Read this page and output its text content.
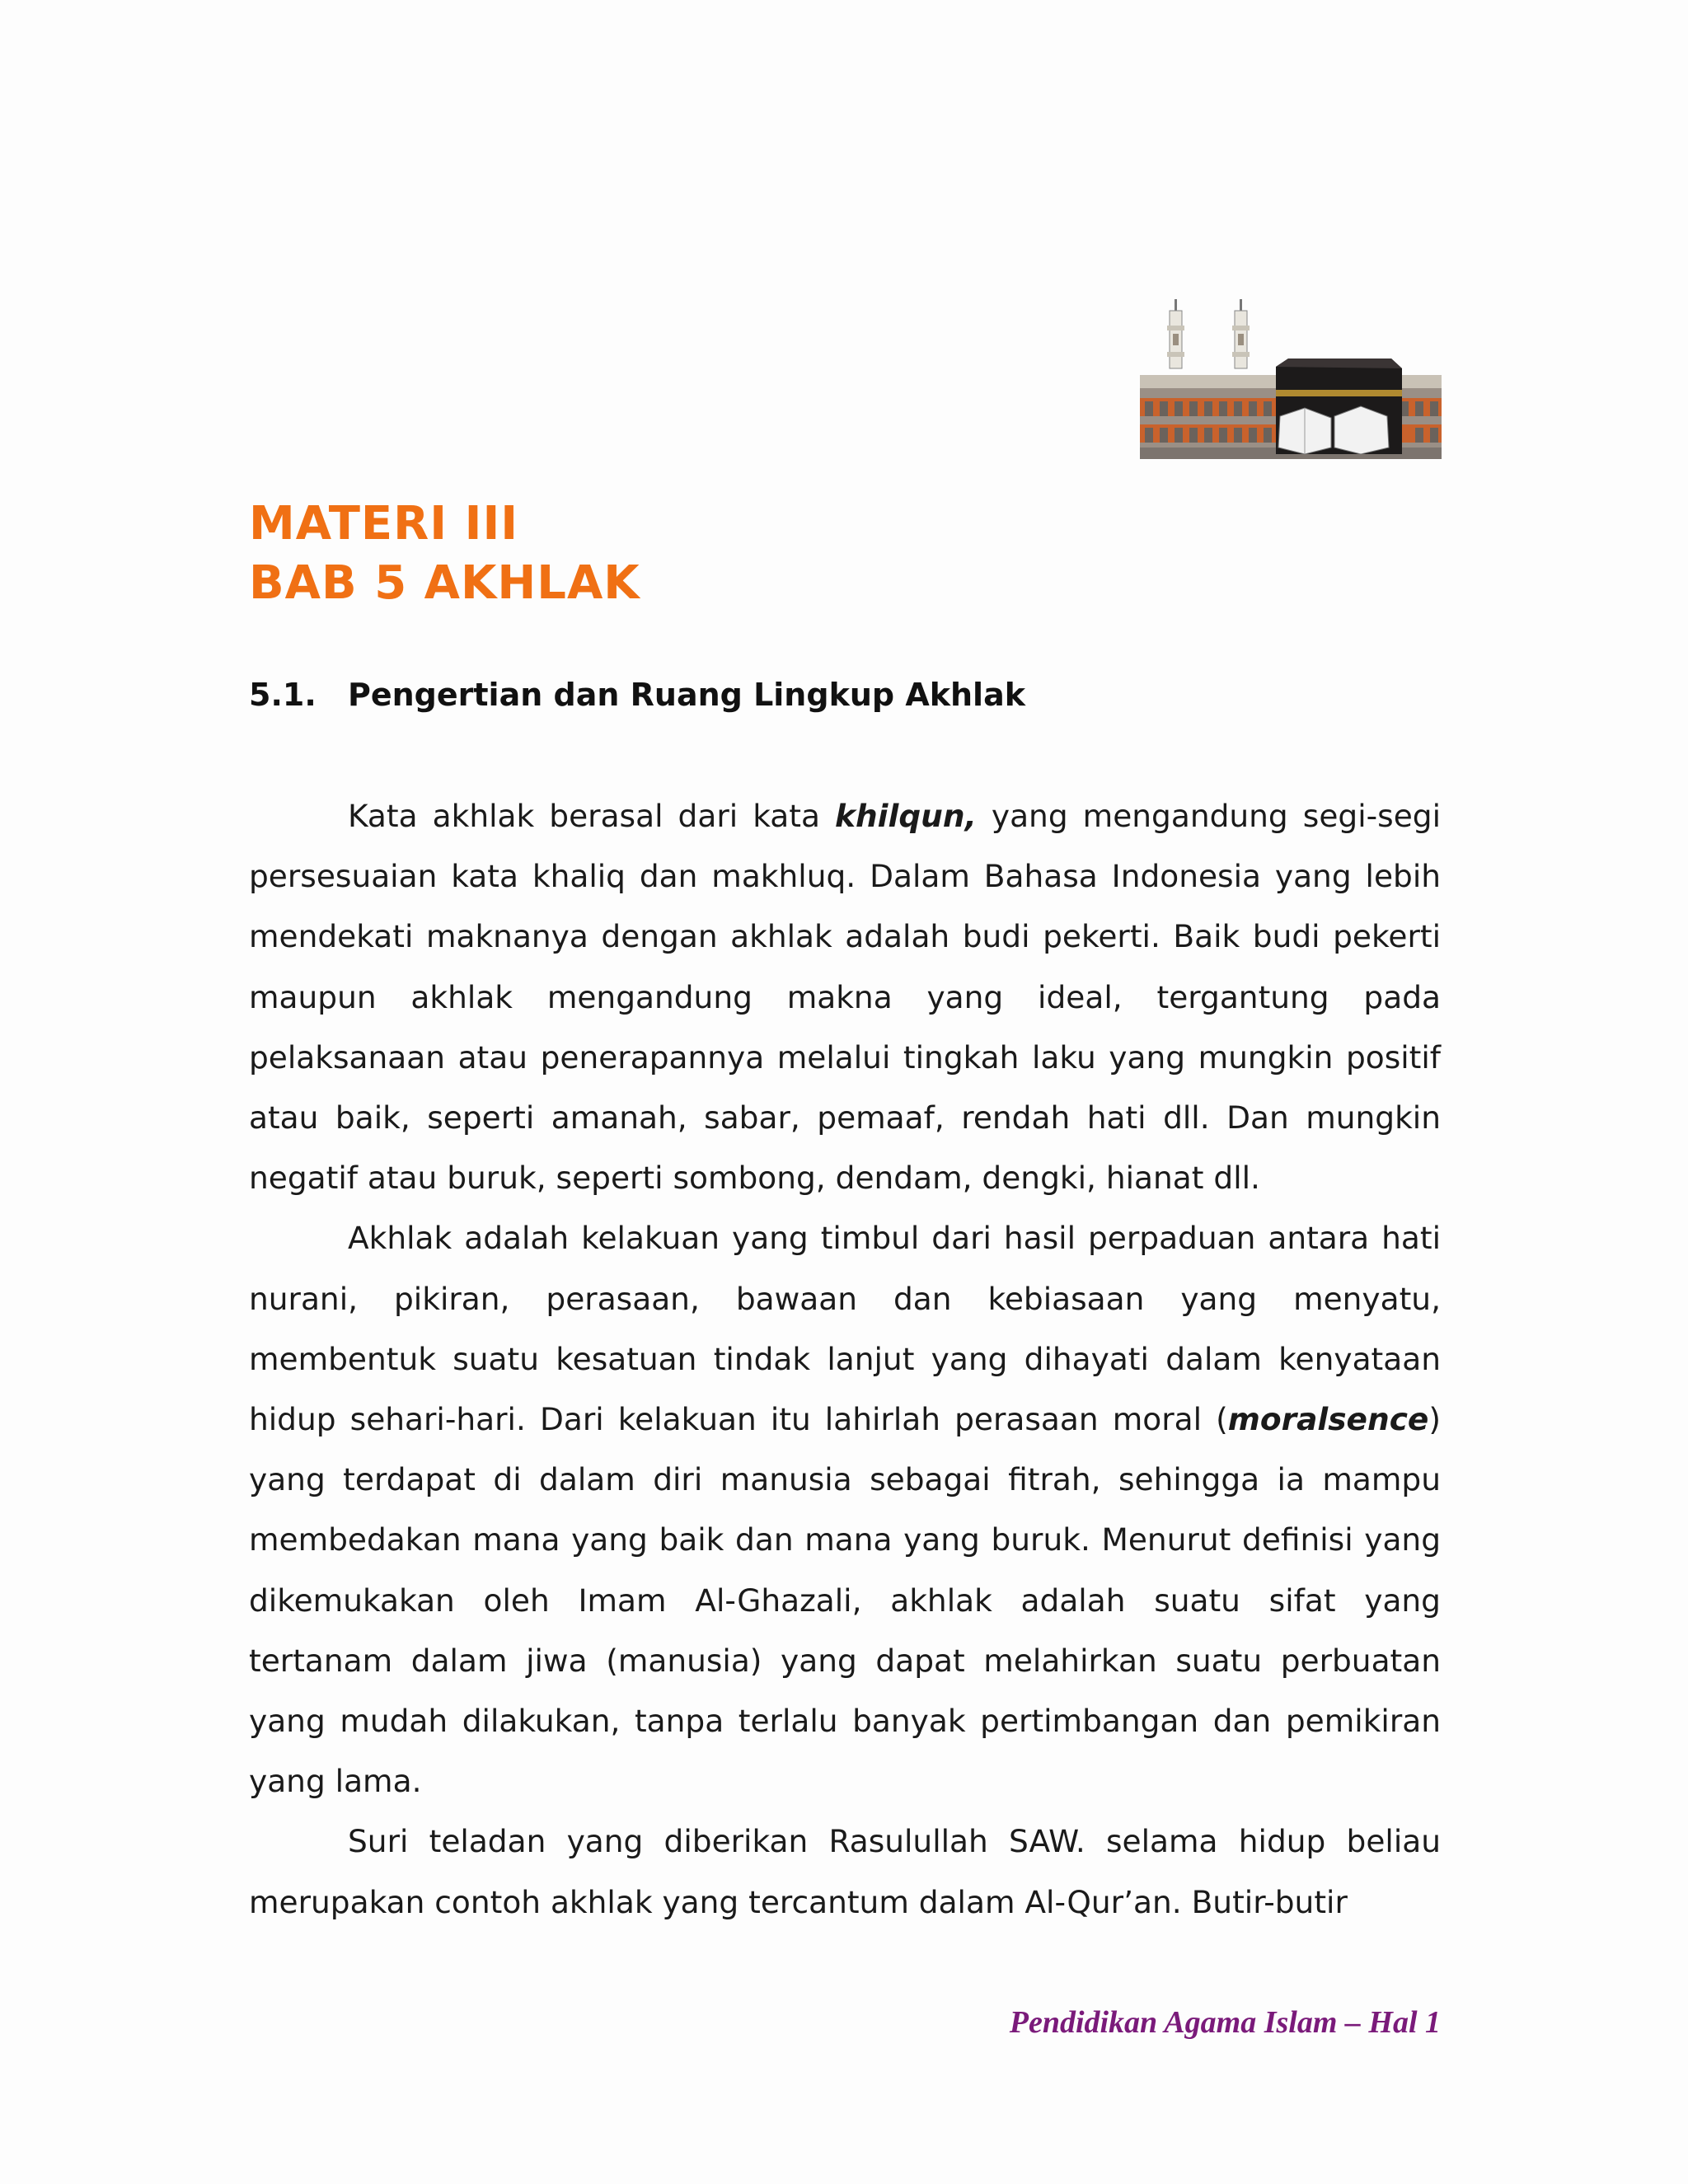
MATERI III
BAB 5 AKHLAK
5.1. Pengertian dan Ruang Lingkup Akhlak

Kata akhlak berasal dari kata khilqun, yang mengandung segi-segi persesuaian kata khaliq dan makhluq. Dalam Bahasa Indonesia yang lebih mendekati maknanya dengan akhlak adalah budi pekerti. Baik budi pekerti maupun akhlak mengandung makna yang ideal, tergantung pada pelaksanaan atau penerapannya melalui tingkah laku yang mungkin positif atau baik, seperti amanah, sabar, pemaaf, rendah hati dll. Dan mungkin negatif atau buruk, seperti sombong, dendam, dengki, hianat dll.

Akhlak adalah kelakuan yang timbul dari hasil perpaduan antara hati nurani, pikiran, perasaan, bawaan dan kebiasaan yang menyatu, membentuk suatu kesatuan tindak lanjut yang dihayati dalam kenyataan hidup sehari-hari. Dari kelakuan itu lahirlah perasaan moral (moralsence) yang terdapat di dalam diri manusia sebagai fitrah, sehingga ia mampu membedakan mana yang baik dan mana yang buruk. Menurut definisi yang dikemukakan oleh Imam Al-Ghazali, akhlak adalah suatu sifat yang tertanam dalam jiwa (manusia) yang dapat melahirkan suatu perbuatan yang mudah dilakukan, tanpa terlalu banyak pertimbangan dan pemikiran yang lama.

Suri teladan yang diberikan Rasulullah SAW. selama hidup beliau merupakan contoh akhlak yang tercantum dalam Al-Qur’an. Butir-butir

Pendidikan Agama Islam – Hal 1
